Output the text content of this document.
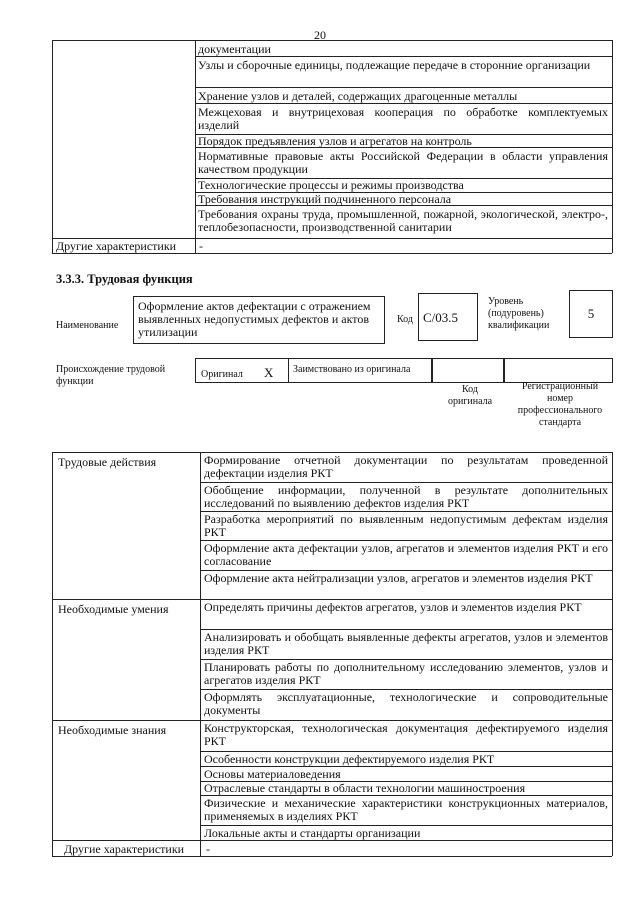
20
документации
Узлы и сборочные единицы, подлежащие передаче в сторонние организации
Хранение узлов и деталей, содержащих драгоценные металлы
Межцеховая и внутрицеховая кооперация по обработке комплектуемых изделий
Порядок предъявления узлов и агрегатов на контроль
Нормативные правовые акты Российской Федерации в области управления качеством продукции
Технологические процессы и режимы производства
Требования инструкций подчиненного персонала
Требования охраны труда, промышленной, пожарной, экологической, электро-, теплобезопасности, производственной санитарии
Другие характеристики -
3.3.3. Трудовая функция
Наименование
Оформление актов дефектации с отражением выявленных недопустимых дефектов и актов утилизации
Код C/03.5
Уровень (подуровень) квалификации
5
Происхождение трудовой функции
Оригинал X Заимствовано из оригинала
Код оригинала
Регистрационный номер профессионального стандарта
Трудовые действия	Формирование отчетной документации по результатам проведенной дефектации изделия РКТ
Обобщение информации, полученной в результате дополнительных исследований по выявлению дефектов изделия РКТ
Разработка мероприятий по выявленным недопустимым дефектам изделия РКТ
Оформление акта дефектации узлов, агрегатов и элементов изделия РКТ и его согласование
Оформление акта нейтрализации узлов, агрегатов и элементов изделия РКТ
Необходимые умения	Определять причины дефектов агрегатов, узлов и элементов изделия РКТ
Анализировать и обобщать выявленные дефекты агрегатов, узлов и элементов изделия РКТ
Планировать работы по дополнительному исследованию элементов, узлов и агрегатов изделия РКТ
Оформлять эксплуатационные, технологические и сопроводительные документы
Необходимые знания	Конструкторская, технологическая документация дефектируемого изделия РКТ
Особенности конструкции дефектируемого изделия РКТ
Основы материаловедения
Отраслевые стандарты в области технологии машиностроения
Физические и механические характеристики конструкционных материалов, применяемых в изделиях РКТ
Локальные акты и стандарты организации
Другие характеристики -
